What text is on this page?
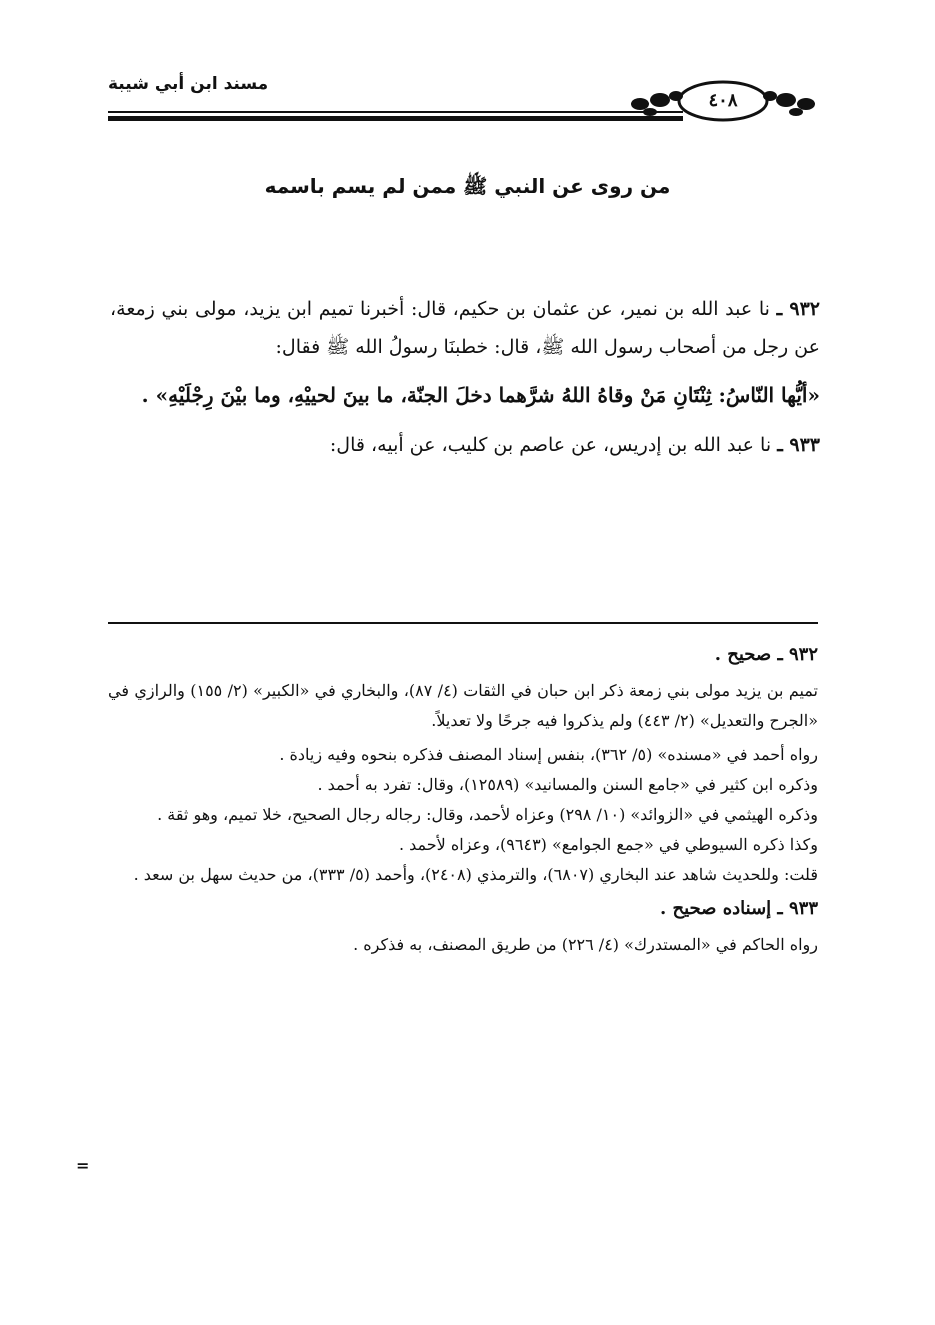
مسند ابن أبي شيبة
٤٠٨
من روى عن النبي ﷺ ممن لم يسم باسمه

٩٣٢ ـ نا عبد الله بن نمير، عن عثمان بن حكيم، قال: أخبرنا تميم ابن يزيد، مولى بني زمعة، عن رجل من أصحاب رسول الله ﷺ، قال: خطبنَا رسولُ الله ﷺ فقال:

«أيُّها النّاسُ: ثِنْتَانِ مَنْ وقاهُ اللهُ شرَّهما دخلَ الجنّة، ما بينَ لحييْهِ، وما بيْنَ رِجْلَيْهِ» .

٩٣٣ ـ نا عبد الله بن إدريس، عن عاصم بن كليب، عن أبيه، قال:

٩٣٢ ـ صحيح .

تميم بن يزيد مولى بني زمعة ذكر ابن حبان في الثقات (٤/ ٨٧)، والبخاري في «الكبير» (٢/ ١٥٥) والرازي في «الجرح والتعديل» (٢/ ٤٤٣) ولم يذكروا فيه جرحًا ولا تعديلاً.

رواه أحمد في «مسنده» (٥/ ٣٦٢)، بنفس إسناد المصنف فذكره بنحوه وفيه زيادة .

وذكره ابن كثير في «جامع السنن والمسانيد» (١٢٥٨٩)، وقال: تفرد به أحمد .

وذكره الهيثمي في «الزوائد» (١٠/ ٢٩٨) وعزاه لأحمد، وقال: رجاله رجال الصحيح، خلا تميم، وهو ثقة .

وكذا ذكره السيوطي في «جمع الجوامع» (٩٦٤٣)، وعزاه لأحمد .

قلت: وللحديث شاهد عند البخاري (٦٨٠٧)، والترمذي (٢٤٠٨)، وأحمد (٥/ ٣٣٣)، من حديث سهل بن سعد .

٩٣٣ ـ إسناده صحيح .

رواه الحاكم في «المستدرك» (٤/ ٢٢٦) من طريق المصنف، به فذكره .

=
